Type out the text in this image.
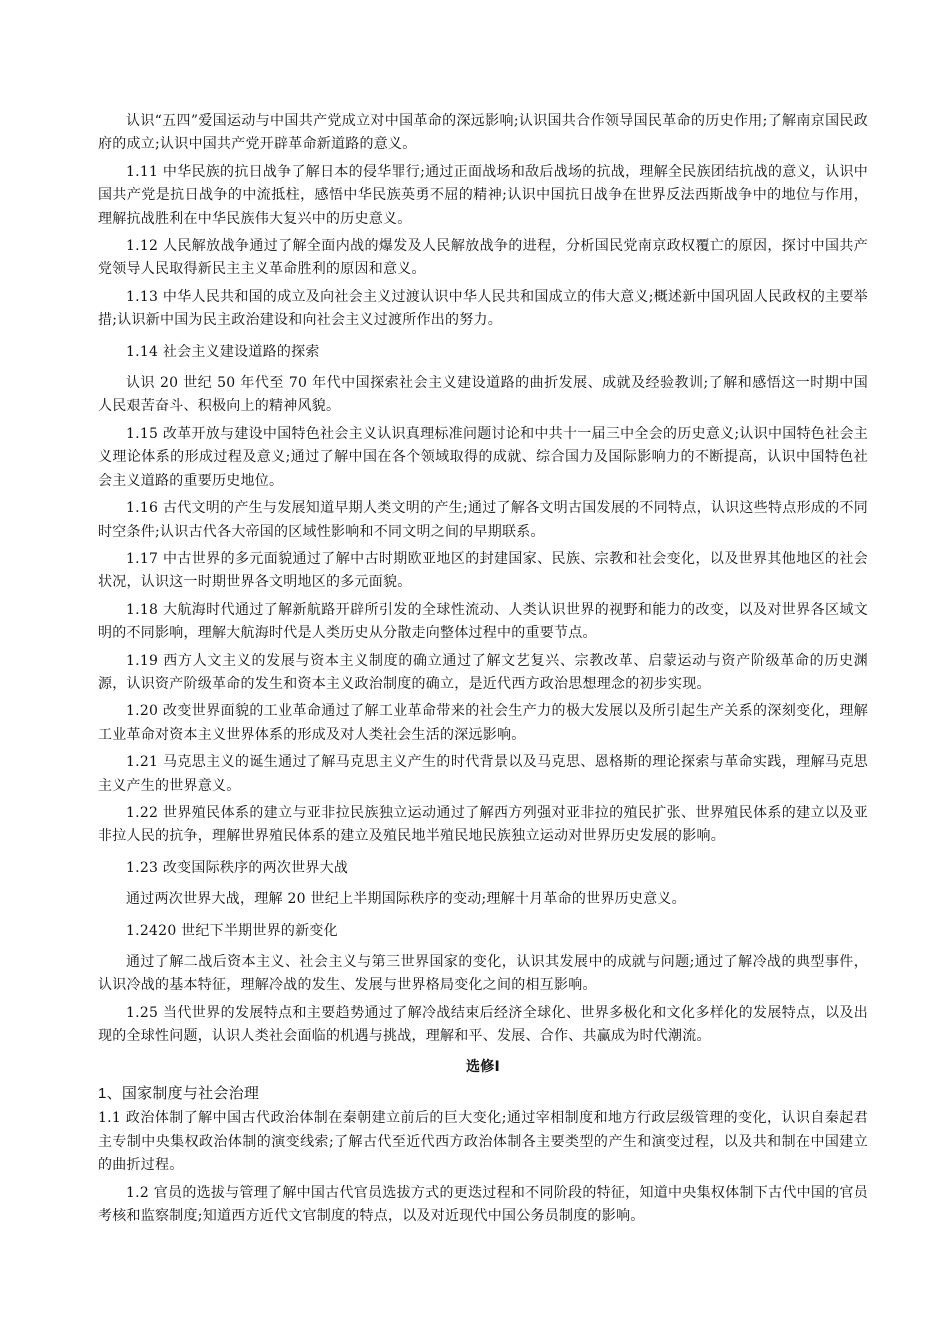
认识“五四”爱国运动与中国共产党成立对中国革命的深远影响;认识国共合作领导国民革命的历史作用;了解南京国民政府的成立;认识中国共产党开辟革命新道路的意义。

1.11 中华民族的抗日战争了解日本的侵华罪行;通过正面战场和敌后战场的抗战，理解全民族团结抗战的意义，认识中国共产党是抗日战争的中流抵柱，感悟中华民族英勇不屈的精神;认识中国抗日战争在世界反法西斯战争中的地位与作用，理解抗战胜利在中华民族伟大复兴中的历史意义。

1.12 人民解放战争通过了解全面内战的爆发及人民解放战争的进程，分析国民党南京政权覆亡的原因，探讨中国共产党领导人民取得新民主主义革命胜利的原因和意义。

1.13 中华人民共和国的成立及向社会主义过渡认识中华人民共和国成立的伟大意义;概述新中国巩固人民政权的主要举措;认识新中国为民主政治建设和向社会主义过渡所作出的努力。

1.14 社会主义建设道路的探索

认识 20 世纪 50 年代至 70 年代中国探索社会主义建设道路的曲折发展、成就及经验教训;了解和感悟这一时期中国人民艰苦奋斗、积极向上的精神风貌。

1.15 改革开放与建设中国特色社会主义认识真理标准问题讨论和中共十一届三中全会的历史意义;认识中国特色社会主义理论体系的形成过程及意义;通过了解中国在各个领域取得的成就、综合国力及国际影响力的不断提高，认识中国特色社会主义道路的重要历史地位。

1.16 古代文明的产生与发展知道早期人类文明的产生;通过了解各文明古国发展的不同特点，认识这些特点形成的不同时空条件;认识古代各大帝国的区域性影响和不同文明之间的早期联系。

1.17 中古世界的多元面貌通过了解中古时期欧亚地区的封建国家、民族、宗教和社会变化，以及世界其他地区的社会状况，认识这一时期世界各文明地区的多元面貌。

1.18 大航海时代通过了解新航路开辟所引发的全球性流动、人类认识世界的视野和能力的改变，以及对世界各区域文明的不同影响，理解大航海时代是人类历史从分散走向整体过程中的重要节点。

1.19 西方人文主义的发展与资本主义制度的确立通过了解文艺复兴、宗教改革、启蒙运动与资产阶级革命的历史渊源，认识资产阶级革命的发生和资本主义政治制度的确立，是近代西方政治思想理念的初步实现。

1.20 改变世界面貌的工业革命通过了解工业革命带来的社会生产力的极大发展以及所引起生产关系的深刻变化，理解工业革命对资本主义世界体系的形成及对人类社会生活的深远影响。

1.21 马克思主义的诞生通过了解马克思主义产生的时代背景以及马克思、恩格斯的理论探索与革命实践，理解马克思主义产生的世界意义。

1.22 世界殖民体系的建立与亚非拉民族独立运动通过了解西方列强对亚非拉的殖民扩张、世界殖民体系的建立以及亚非拉人民的抗争，理解世界殖民体系的建立及殖民地半殖民地民族独立运动对世界历史发展的影响。

1.23 改变国际秩序的两次世界大战

通过两次世界大战，理解 20 世纪上半期国际秩序的变动;理解十月革命的世界历史意义。

1.2420 世纪下半期世界的新变化

通过了解二战后资本主义、社会主义与第三世界国家的变化，认识其发展中的成就与问题;通过了解冷战的典型事件，认识冷战的基本特征，理解冷战的发生、发展与世界格局变化之间的相互影响。

1.25 当代世界的发展特点和主要趋势通过了解冷战结束后经济全球化、世界多极化和文化多样化的发展特点，以及出现的全球性问题，认识人类社会面临的机遇与挑战，理解和平、发展、合作、共赢成为时代潮流。

选修Ⅰ
1、国家制度与社会治理

1.1 政治体制了解中国古代政治体制在秦朝建立前后的巨大变化;通过宰相制度和地方行政层级管理的变化，认识自秦起君主专制中央集权政治体制的演变线索;了解古代至近代西方政治体制各主要类型的产生和演变过程，以及共和制在中国建立的曲折过程。

1.2 官员的选拔与管理了解中国古代官员选拔方式的更迭过程和不同阶段的特征，知道中央集权体制下古代中国的官员考核和监察制度;知道西方近代文官制度的特点，以及对近现代中国公务员制度的影响。
